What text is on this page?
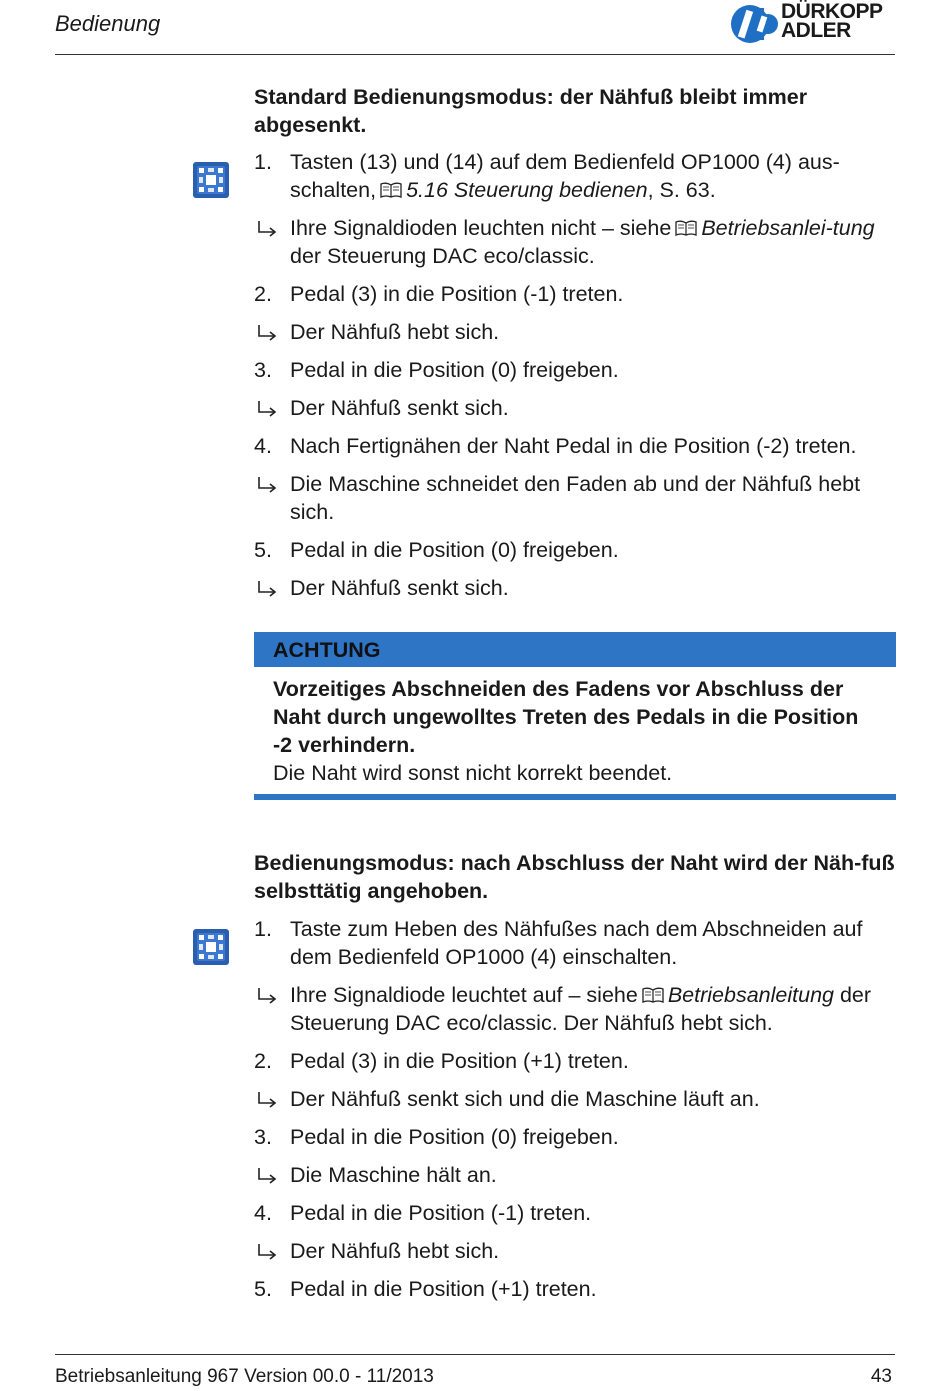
Bedienung	DÜRKOPP
ADLER
Standard Bedienungsmodus: der Nähfuß bleibt immer abgesenkt.
1. Tasten (13) und (14) auf dem Bedienfeld OP1000 (4) aus-schalten, 5.16 Steuerung bedienen, S. 63.
Ihre Signaldioden leuchten nicht – siehe Betriebsanlei-tung der Steuerung DAC eco/classic.
2. Pedal (3) in die Position (-1) treten.
Der Nähfuß hebt sich.
3. Pedal in die Position (0) freigeben.
Der Nähfuß senkt sich.
4. Nach Fertignähen der Naht Pedal in die Position (-2) treten.
Die Maschine schneidet den Faden ab und der Nähfuß hebt sich.
5. Pedal in die Position (0) freigeben.
Der Nähfuß senkt sich.
ACHTUNG
Vorzeitiges Abschneiden des Fadens vor Abschluss der Naht durch ungewolltes Treten des Pedals in die Position -2 verhindern.
Die Naht wird sonst nicht korrekt beendet.
Bedienungsmodus: nach Abschluss der Naht wird der Näh-fuß selbsttätig angehoben.
1. Taste zum Heben des Nähfußes nach dem Abschneiden auf dem Bedienfeld OP1000 (4) einschalten.
Ihre Signaldiode leuchtet auf – siehe Betriebsanleitung der Steuerung DAC eco/classic. Der Nähfuß hebt sich.
2. Pedal (3) in die Position (+1) treten.
Der Nähfuß senkt sich und die Maschine läuft an.
3. Pedal in die Position (0) freigeben.
Die Maschine hält an.
4. Pedal in die Position (-1) treten.
Der Nähfuß hebt sich.
5. Pedal in die Position (+1) treten.
Betriebsanleitung 967 Version 00.0 - 11/2013	43
